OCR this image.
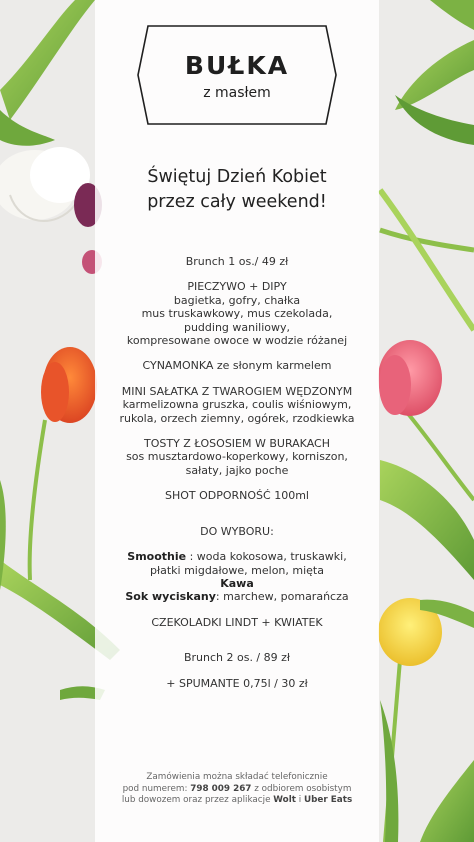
BUŁKA
z masłem
Świętuj Dzień Kobiet
przez cały weekend!

Brunch 1 os./ 49 zł

PIECZYWO + DIPY

bagietka, gofry, chałka

mus truskawkowy, mus czekolada,

pudding waniliowy,

kompresowane owoce w wodzie różanej

CYNAMONKA ze słonym karmelem

MINI SAŁATKA Z TWAROGIEM WĘDZONYM

karmelizowna gruszka, coulis wiśniowym,

rukola, orzech ziemny, ogórek, rzodkiewka

TOSTY Z ŁOSOSIEM W BURAKACH

sos musztardowo-koperkowy, korniszon,

sałaty, jajko poche

SHOT ODPORNOŚĆ 100ml

DO WYBORU:

Smoothie : woda kokosowa, truskawki,

płatki migdałowe, melon, mięta

Kawa

Sok wyciskany: marchew, pomarańcza

CZEKOLADKI LINDT + KWIATEK

Brunch 2 os. / 89 zł

+ SPUMANTE 0,75l / 30 zł

Zamówienia można składać telefonicznie
pod numerem: 798 009 267 z odbiorem osobistym
lub dowozem oraz przez aplikacje Wolt i Uber Eats
